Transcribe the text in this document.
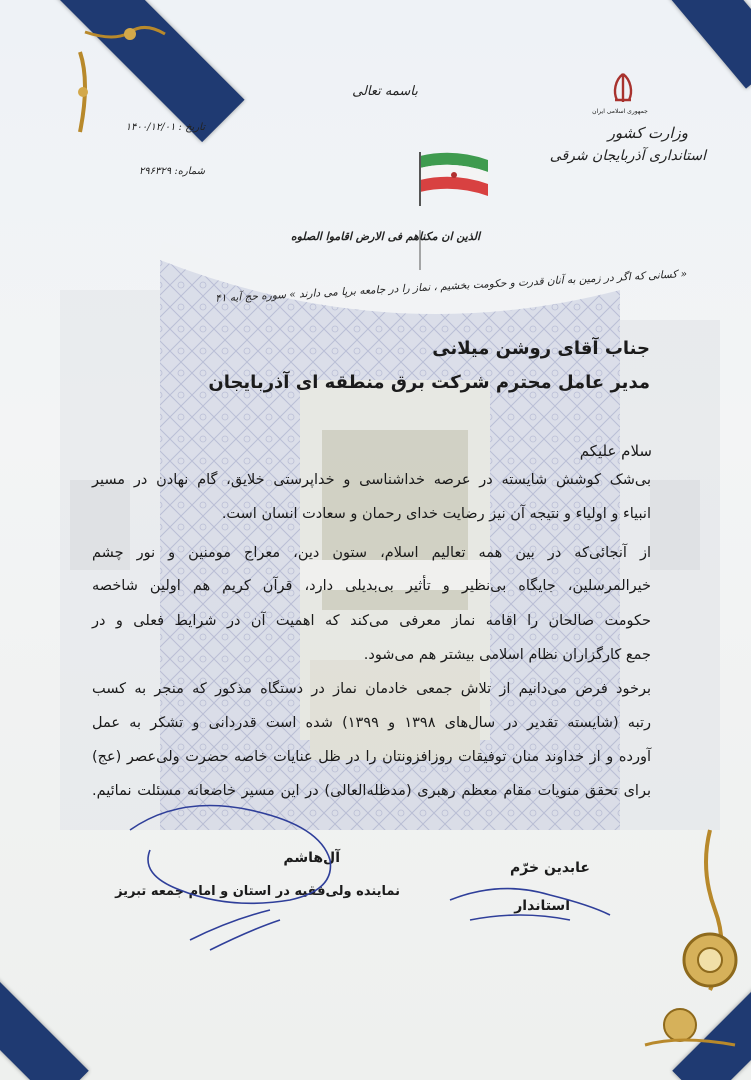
جمهوری اسلامی ایران
باسمه تعالی
وزارت کشور
استانداری آذربایجان شرقی
تاریخ : ۱۴۰۰/۱۲/۰۱
شماره: ۲۹۶۳۲۹
الذین ان مکناهم فی الارض اقاموا الصلوه
« کسانی که اگر در زمین به آنان قدرت و حکومت بخشیم ، نماز را در جامعه برپا می دارند » سوره حج آیه ۴۱
جناب آقای روشن میلانی
مدیر عامل محترم شرکت برق منطقه ای آذربایجان
سلام علیکم
بی‌شک کوشش شایسته در عرصه خداشناسی و خداپرستی خلایق، گام نهادن در مسیر
انبیاء و اولیاء و نتیجه آن نیز رضایت خدای رحمان و سعادت انسان است.
از آنجائی‌که در بین همه تعالیم اسلام، ستون دین، معراج مومنین و نور چشم
خیرالمرسلین، جایگاه بی‌نظیر و تأثیر بی‌بدیلی دارد، قرآن کریم هم اولین شاخصه
حکومت صالحان را اقامه نماز معرفی می‌کند که اهمیت آن در شرایط فعلی و در
جمع کارگزاران نظام اسلامی بیشتر هم می‌شود.
برخود فرض می‌دانیم از تلاش جمعی خادمان نماز در دستگاه مذکور که منجر به کسب
رتبه (شایسته تقدیر در سال‌های ۱۳۹۸ و ۱۳۹۹) شده است قدردانی و تشکر به عمل
آورده و از خداوند منان توفیقات روزافزونتان را در ظل عنایات خاصه حضرت ولی‌عصر (عج)
برای تحقق منویات مقام معظم رهبری (مدظله‌العالی) در این مسیر خاضعانه مسئلت نمائیم.
آل‌هاشم
نماینده ولی‌فقیه در استان و امام جمعه تبریز
عابدین خرّم
استاندار
